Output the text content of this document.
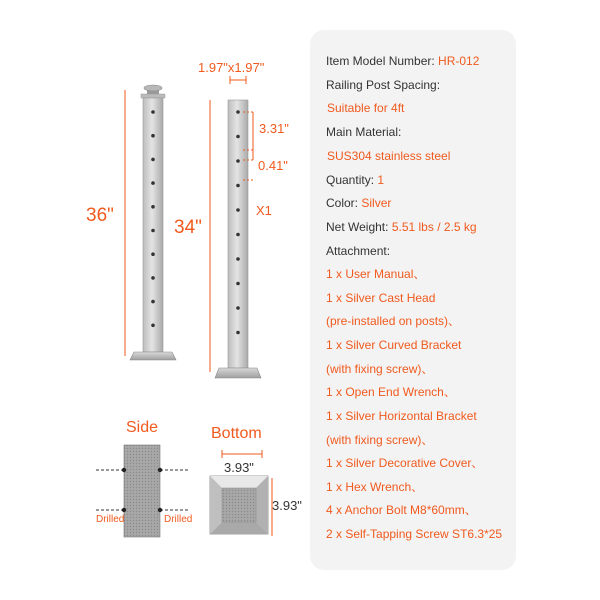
1.97"x1.97"
36"
34"
3.31"
0.41"
X1
Side	Bottom
Drilled	Drilled
3.93"
3.93"
Item Model Number: HR-012
Railing Post Spacing:
Suitable for 4ft
Main Material:
SUS304 stainless steel
Quantity: 1
Color: Silver
Net Weight: 5.51 lbs / 2.5 kg
Attachment:
1 x User Manual、
1 x Silver Cast Head
(pre-installed on posts)、
1 x Silver Curved Bracket
(with fixing screw)、
1 x Open End Wrench、
1 x Silver Horizontal Bracket
(with fixing screw)、
1 x Silver Decorative Cover、
1 x Hex Wrench、
4 x Anchor Bolt M8*60mm、
2 x Self-Tapping Screw ST6.3*25
